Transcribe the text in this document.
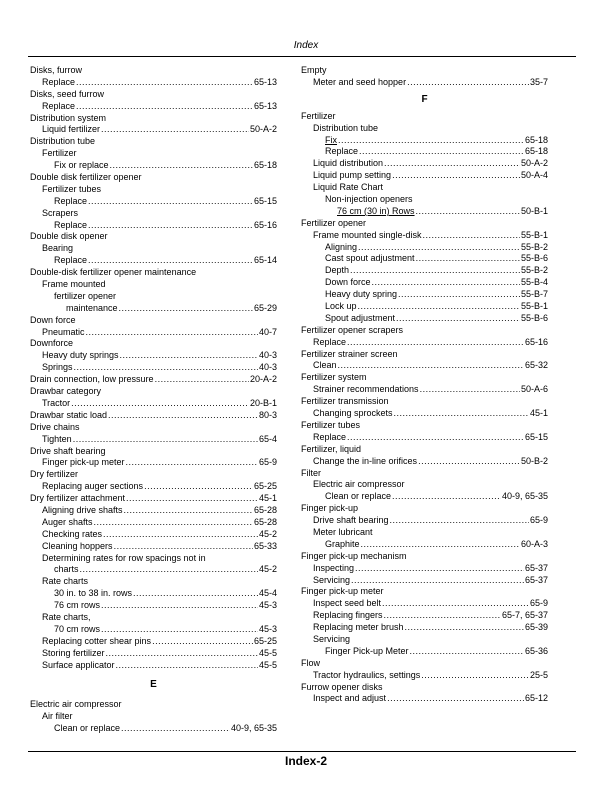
Index
Disks, furrow
Replace .....	65-13
Disks, seed furrow
Replace .....	65-13
Distribution system
Liquid fertilizer .....	50-A-2
Distribution tube
Fertilizer
Fix or replace .....	65-18
Double disk fertilizer opener
Fertilizer tubes
Replace .....	65-15
Scrapers
Replace .....	65-16
Double disk opener
Bearing
Replace .....	65-14
Double-disk fertilizer opener maintenance
Frame mounted
fertilizer opener
maintenance .....	65-29
Down force
Pneumatic .....	40-7
Downforce
Heavy duty springs .....	40-3
Springs .....	40-3
Drain connection, low pressure .....	20-A-2
Drawbar category
Tractor .....	20-B-1
Drawbar static load .....	80-3
Drive chains
Tighten .....	65-4
Drive shaft bearing
Finger pick-up meter .....	65-9
Dry fertilizer
Replacing auger sections .....	65-25
Dry fertilizer attachment .....	45-1
Aligning drive shafts .....	65-28
Auger shafts .....	65-28
Checking rates .....	45-2
Cleaning hoppers .....	65-33
Determining rates for row spacings not in
charts .....	45-2
Rate charts
30 in. to 38 in. rows .....	45-4
76 cm rows .....	45-3
Rate charts,
70 cm rows .....	45-3
Replacing cotter shear pins .....	65-25
Storing fertilizer .....	45-5
Surface applicator .....	45-5
E
Electric air compressor
Air filter
Clean or replace .....	40-9, 65-35
Empty
Meter and seed hopper .....	35-7
F
Fertilizer
Distribution tube
Fix .....	65-18
Replace .....	65-18
Liquid distribution .....	50-A-2
Liquid pump setting .....	50-A-4
Liquid Rate Chart
Non-injection openers
76 cm (30 in) Rows .....	50-B-1
Fertilizer opener
Frame mounted single-disk .....	55-B-1
Aligning .....	55-B-2
Cast spout adjustment .....	55-B-6
Depth .....	55-B-2
Down force .....	55-B-4
Heavy duty spring .....	55-B-7
Lock up .....	55-B-1
Spout adjustment .....	55-B-6
Fertilizer opener scrapers
Replace .....	65-16
Fertilizer strainer screen
Clean .....	65-32
Fertilizer system
Strainer recommendations .....	50-A-6
Fertilizer transmission
Changing sprockets .....	45-1
Fertilizer tubes
Replace .....	65-15
Fertilizer, liquid
Change the in-line orifices .....	50-B-2
Filter
Electric air compressor
Clean or replace .....	40-9, 65-35
Finger pick-up
Drive shaft bearing .....	65-9
Meter lubricant
Graphite .....	60-A-3
Finger pick-up mechanism
Inspecting .....	65-37
Servicing .....	65-37
Finger pick-up meter
Inspect seed belt .....	65-9
Replacing fingers .....	65-7, 65-37
Replacing meter brush .....	65-39
Servicing
Finger Pick-up Meter .....	65-36
Flow
Tractor hydraulics, settings .....	25-5
Furrow opener disks
Inspect and adjust .....	65-12
Index-2
